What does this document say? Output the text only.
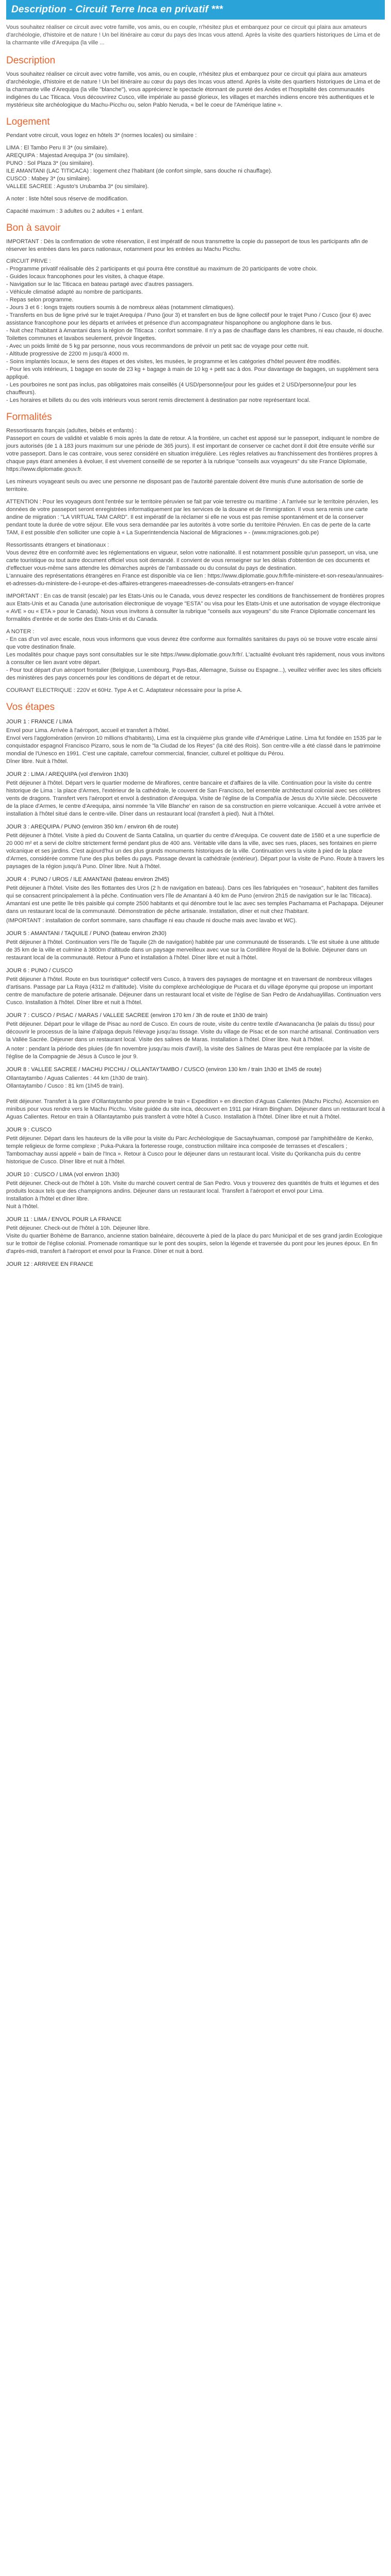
Description - Circuit Terre Inca en privatif ***
Vous souhaitez réaliser ce circuit avec votre famille, vos amis, ou en couple, n'hésitez plus et embarquez pour ce circuit qui plaira aux amateurs d'archéologie, d'histoire et de nature ! Un bel itinéraire au cœur du pays des Incas vous attend. Après la visite des quartiers historiques de Lima et de la charmante ville d'Arequipa (la ville ...
Description

Vous souhaitez réaliser ce circuit avec votre famille, vos amis, ou en couple, n'hésitez plus et embarquez pour ce circuit qui plaira aux amateurs d'archéologie, d'histoire et de nature ! Un bel itinéraire au cœur du pays des Incas vous attend. Après la visite des quartiers historiques de Lima et de la charmante ville d'Arequipa (la ville "blanche"), vous apprécierez le spectacle étonnant de pureté des Andes et l'hospitalité des communautés indigènes du Lac Titicaca. Vous découvrirez Cusco, ville impériale au passé glorieux, les villages et marchés indiens encore très authentiques et le mystérieux site archéologique du Machu-Picchu ou, selon Pablo Neruda, « bel le coeur de l'Amérique latine ».

Logement

Pendant votre circuit, vous logez en hôtels 3* (normes locales) ou similaire :

LIMA : El Tambo Peru II 3* (ou similaire).
AREQUIPA : Majestad Arequipa 3* (ou similaire).
PUNO : Sol Plaza 3* (ou similaire).
ILE AMANTANI (LAC TITICACA) : logement chez l'habitant (de confort simple, sans douche ni chauffage).
CUSCO : Mabey 3* (ou similaire).
VALLEE SACREE : Agusto's Urubamba 3* (ou similaire).

A noter : liste hôtel sous réserve de modification.

Capacité maximum : 3 adultes ou 2 adultes + 1 enfant.

Bon à savoir
IMPORTANT : Dès la confirmation de votre réservation, il est impératif de nous transmettre la copie du passeport de tous les participants afin de réserver les entrées dans les parcs nationaux, notamment pour les entrées au Machu Picchu.
CIRCUIT PRIVE :
- Programme privatif réalisable dès 2 participants et qui pourra être constitué au maximum de 20 participants de votre choix.
- Guides locaux francophones pour les visites, à chaque étape.
- Navigation sur le lac Titicaca en bateau partagé avec d'autres passagers.
- Véhicule climatisé adapté au nombre de participants.
- Repas selon programme.
- Jours 3 et 6 : longs trajets routiers soumis à de nombreux aléas (notamment climatiques).
- Transferts en bus de ligne privé sur le trajet Arequipa / Puno (jour 3) et transfert en bus de ligne collectif pour le trajet Puno / Cusco (jour 6) avec assistance francophone pour les départs et arrivées et présence d'un accompagnateur hispanophone ou anglophone dans le bus.
- Nuit chez l'habitant à Amantani dans la région de Titicaca : confort sommaire. Il n'y a pas de chauffage dans les chambres, ni eau chaude, ni douche. Toilettes communes et lavabos seulement, prévoir lingettes.
- Avec un poids limité de 5 kg par personne, nous vous recommandons de prévoir un petit sac de voyage pour cette nuit.
- Altitude progressive de 2200 m jusqu'à 4000 m.
- Soins implantés locaux, le sens des étapes et des visites, les musées, le programme et les catégories d'hôtel peuvent être modifiés.
- Pour les vols intérieurs, 1 bagage en soute de 23 kg + bagage à main de 10 kg + petit sac à dos. Pour davantage de bagages, un supplément sera appliqué.
- Les pourboires ne sont pas inclus, pas obligatoires mais conseillés (4 USD/personne/jour pour les guides et 2 USD/personne/jour pour les chauffeurs).
- Les horaires et billets du ou des vols intérieurs vous seront remis directement à destination par notre représentant local.
Formalités

Ressortissants français (adultes, bébés et enfants) :
Passeport en cours de validité et valable 6 mois après la date de retour. A la frontière, un cachet est apposé sur le passeport, indiquant le nombre de jours autorisés (de 1 à 183 jours maximum sur une période de 365 jours). Il est important de conserver ce cachet dont il doit être ensuite vérifié sur votre passeport. Dans le cas contraire, vous serez considéré en situation irrégulière. Les règles relatives au franchissement des frontières propres à chaque pays étant amenées à évoluer, il est vivement conseillé de se reporter à la rubrique "conseils aux voyageurs" du site France Diplomatie, https://www.diplomatie.gouv.fr.

Les mineurs voyageant seuls ou avec une personne ne disposant pas de l'autorité parentale doivent être munis d'une autorisation de sortie de territoire.

ATTENTION : Pour les voyageurs dont l'entrée sur le territoire péruvien se fait par voie terrestre ou maritime : A l'arrivée sur le territoire péruvien, les données de votre passeport seront enregistrées informatiquement par les services de la douane et de l'immigration. Il vous sera remis une carte andine de migration : "LA VIRTUAL TAM CARD". Il est impératif de la réclamer si elle ne vous est pas remise spontanément et de la conserver pendant toute la durée de votre séjour. Elle vous sera demandée par les autorités à votre sortie du territoire Péruvien. En cas de perte de la carte TAM, il est possible d'en solliciter une copie à « La Superintendencia Nacional de Migraciones » - (www.migraciones.gob.pe)

Ressortissants étrangers et binationaux :
Vous devrez être en conformité avec les réglementations en vigueur, selon votre nationalité. Il est notamment possible qu'un passeport, un visa, une carte touristique ou tout autre document officiel vous soit demandé. Il convient de vous renseigner sur les délais d'obtention de ces documents et d'effectuer vous-même sans attendre les démarches auprès de l'ambassade ou du consulat du pays de destination.
L'annuaire des représentations étrangères en France est disponible via ce lien : https://www.diplomatie.gouv.fr/fr/le-ministere-et-son-reseau/annuaires-et-adresses-du-ministere-de-l-europe-et-des-affaires-etrangeres-maeeadresses-de-consulats-etrangers-en-france/

IMPORTANT : En cas de transit (escale) par les Etats-Unis ou le Canada, vous devez respecter les conditions de franchissement de frontières propres aux Etats-Unis et au Canada (une autorisation électronique de voyage "ESTA" ou visa pour les Etats-Unis et une autorisation de voyage électronique « AVE » ou « ETA » pour le Canada). Nous vous invitons à consulter la rubrique "conseils aux voyageurs" du site France Diplomatie concernant les formalités d'entrée et de sortie des Etats-Unis et du Canada.

A NOTER :
- En cas d'un vol avec escale, nous vous informons que vous devrez être conforme aux formalités sanitaires du pays où se trouve votre escale ainsi que votre destination finale.
Les modalités pour chaque pays sont consultables sur le site https://www.diplomatie.gouv.fr/fr/. L'actualité évoluant très rapidement, nous vous invitons à consulter ce lien avant votre départ.
- Pour tout départ d'un aéroport frontalier (Belgique, Luxembourg, Pays-Bas, Allemagne, Suisse ou Espagne...), veuillez vérifier avec les sites officiels des ministères des pays concernés pour les conditions de départ et de retour.

COURANT ELECTRIQUE : 220V et 60Hz. Type A et C. Adaptateur nécessaire pour la prise A.

Vos étapes
JOUR 1 : FRANCE / LIMA
Envol pour Lima. Arrivée à l'aéroport, accueil et transfert à l'hôtel.
Envol vers l'agglomération (environ 10 millions d'habitants), Lima est la cinquième plus grande ville d'Amérique Latine. Lima fut fondée en 1535 par le conquistador espagnol Francisco Pizarro, sous le nom de "la Ciudad de los Reyes" (la cité des Rois). Son centre-ville a été classé dans le patrimoine mondial de l'Unesco en 1991. C'est une capitale, carrefour commercial, financier, culturel et politique du Pérou.
Dîner libre. Nuit à l'hôtel.
JOUR 2 : LIMA / AREQUIPA (vol d'environ 1h30)
Petit déjeuner à l'hôtel. Départ vers le quartier moderne de Miraflores, centre bancaire et d'affaires de la ville. Continuation pour la visite du centre historique de Lima : la place d'Armes, l'extérieur de la cathédrale, le couvent de San Francisco, bel ensemble architectural colonial avec ses célèbres vents de dragons. Transfert vers l'aéroport et envol à destination d'Arequipa. Visite de l'église de la Compañía de Jesus du XVIIe siècle. Découverte de la place d'Armes, le centre d'Arequipa, ainsi nommée 'la Ville Blanche' en raison de sa construction en pierre volcanique. Accueil à votre arrivée et installation à l'hôtel situé dans le centre-ville. Dîner dans un restaurant local (transfert à pied). Nuit à l'hôtel.
JOUR 3 : AREQUIPA / PUNO (environ 350 km / environ 6h de route)
Petit déjeuner à l'hôtel. Visite à pied du Couvent de Santa Catalina, un quartier du centre d'Arequipa. Ce couvent date de 1580 et a une superficie de 20 000 m² et a servi de cloître strictement fermé pendant plus de 400 ans. Véritable ville dans la ville, avec ses rues, places, ses fontaines en pierre volcanique et ses jardins. C'est aujourd'hui un des plus grands monuments historiques de la ville. Continuation vers la visite à pied de la place d'Armes, considérée comme l'une des plus belles du pays. Passage devant la cathédrale (extérieur). Départ pour la visite de Puno. Route à travers les paysages de la région jusqu'à Puno. Dîner libre. Nuit à l'hôtel.
JOUR 4 : PUNO / UROS / ILE AMANTANI (bateau environ 2h45)
Petit déjeuner à l'hôtel. Visite des îles flottantes des Uros (2 h de navigation en bateau). Dans ces îles fabriquées en "roseaux", habitent des familles qui se consacrent principalement à la pêche. Continuation vers l'île de Amantani à 40 km de Puno (environ 2h15 de navigation sur le lac Titicaca). Amantani est une petite île très paisible qui compte 2500 habitants et qui dénombre tout le lac avec ses temples Pachamama et Pachapapa. Déjeuner dans un restaurant local de la communauté. Démonstration de pêche artisanale. Installation, dîner et nuit chez l'habitant.
(IMPORTANT : installation de confort sommaire, sans chauffage ni eau chaude ni douche mais avec lavabo et WC).
JOUR 5 : AMANTANI / TAQUILE / PUNO (bateau environ 2h30)
Petit déjeuner à l'hôtel. Continuation vers l'île de Taquile (2h de navigation) habitée par une communauté de tisserands. L'île est située à une altitude de 35 km de la ville et culmine à 3800m d'altitude dans un paysage merveilleux avec vue sur la Cordillère Royal de la Bolivie. Déjeuner dans un restaurant local de la communauté. Retour à Puno et installation à l'hôtel. Dîner libre et nuit à l'hôtel.
JOUR 6 : PUNO / CUSCO
Petit déjeuner à l'hôtel. Route en bus touristique* collectif vers Cusco, à travers des paysages de montagne et en traversant de nombreux villages d'artisans. Passage par La Raya (4312 m d'altitude). Visite du complexe archéologique de Pucara et du village éponyme qui propose un important centre de manufacture de poterie artisanale. Déjeuner dans un restaurant local et visite de l'église de San Pedro de Andahuaylillas. Continuation vers Cusco. Installation à l'hôtel. Dîner libre et nuit à l'hôtel.
JOUR 7 : CUSCO / PISAC / MARAS / VALLEE SACREE (environ 170 km / 3h de route et 1h30 de train)
Petit déjeuner. Départ pour le village de Pisac au nord de Cusco. En cours de route, visite du centre textile d'Awanacancha (le palais du tissu) pour découvrir le processus de la laine d'alpaga depuis l'élevage jusqu'au tissage. Visite du village de Pisac et de son marché artisanal. Continuation vers la Vallée Sacrée. Déjeuner dans un restaurant local. Visite des salines de Maras. Installation à l'hôtel. Dîner libre. Nuit à l'hôtel.
A noter : pendant la période des pluies (de fin novembre jusqu'au mois d'avril), la visite des Salines de Maras peut être remplacée par la visite de l'église de la Compagnie de Jésus à Cusco le jour 9.
JOUR 8 : VALLEE SACREE / MACHU PICCHU / OLLANTAYTAMBO / CUSCO (environ 130 km / train 1h30 et 1h45 de route)
Ollantaytambo / Aguas Calientes : 44 km (1h30 de train).
Ollantaytambo / Cusco : 81 km (1h45 de train).

Petit déjeuner. Transfert à la gare d'Ollantaytambo pour prendre le train « Expedition » en direction d'Aguas Calientes (Machu Picchu). Ascension en minibus pour vous rendre vers le Machu Picchu. Visite guidée du site inca, découvert en 1911 par Hiram Bingham. Déjeuner dans un restaurant local à Aguas Calientes. Retour en train à Ollantaytambo puis transfert à votre hôtel à Cusco. Installation à l'hôtel. Dîner libre et nuit à l'hôtel.
JOUR 9 : CUSCO
Petit déjeuner. Départ dans les hauteurs de la ville pour la visite du Parc Archéologique de Sacsayhuaman, composé par l'amphithéâtre de Kenko, temple religieux de forme complexe ; Puka-Pukara la forteresse rouge, construction militaire inca composée de terrasses et d'escaliers ; Tambomachay aussi appelé « bain de l'Inca ». Retour à Cusco pour le déjeuner dans un restaurant local. Visite du Qorikancha puis du centre historique de Cusco. Dîner libre et nuit à l'hôtel.
JOUR 10 : CUSCO / LIMA (vol environ 1h30)
Petit déjeuner. Check-out de l'hôtel à 10h. Visite du marché couvert central de San Pedro. Vous y trouverez des quantités de fruits et légumes et des produits locaux tels que des champignons andins. Déjeuner dans un restaurant local. Transfert à l'aéroport et envol pour Lima.
Installation à l'hôtel et dîner libre.
Nuit à l'hôtel.
JOUR 11 : LIMA / ENVOL POUR LA FRANCE
Petit déjeuner. Check-out de l'hôtel à 10h. Déjeuner libre.
Visite du quartier Bohème de Barranco, ancienne station balnéaire, découverte à pied de la place du parc Municipal et de ses grand jardin Ecologique sur le trottoir de l'église colonial. Promenade romantique sur le pont des soupirs, selon la légende et traversée du pont pour les jeunes époux. En fin d'après-midi, transfert à l'aéroport et envol pour la France. Dîner et nuit à bord.
JOUR 12 : ARRIVEE EN FRANCE
